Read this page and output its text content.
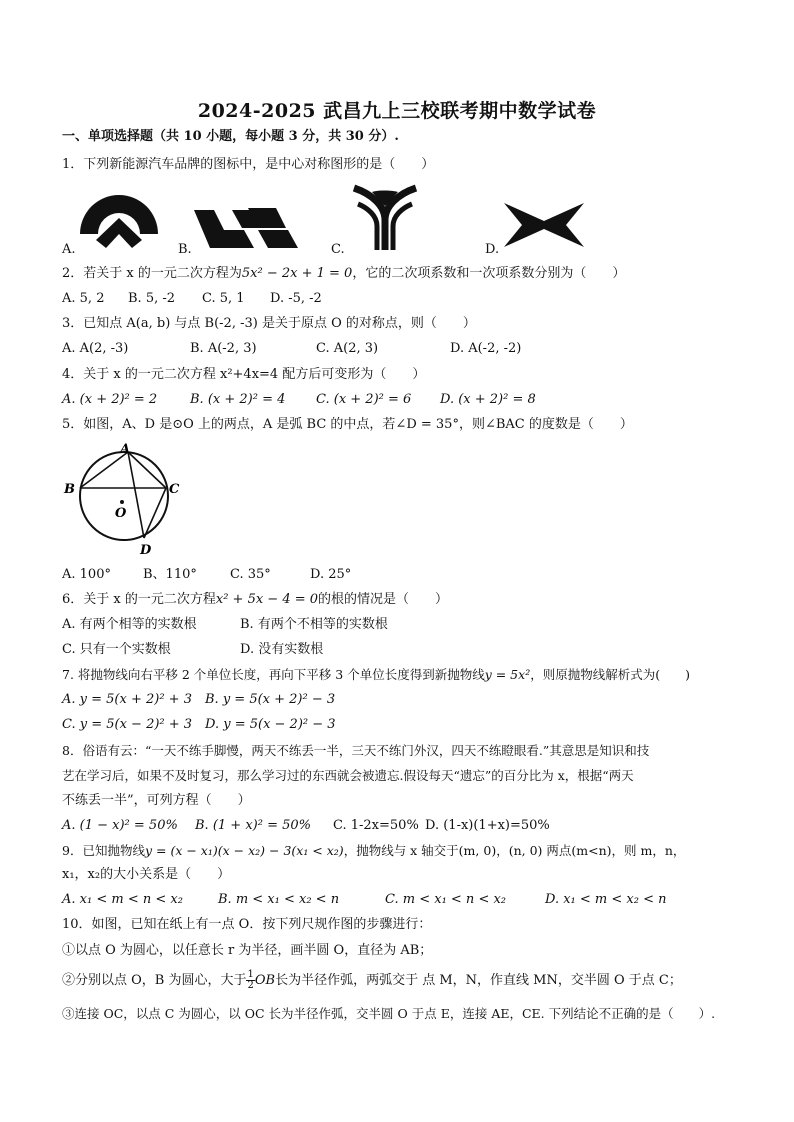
2024-2025 武昌九上三校联考期中数学试卷
一、单项选择题（共 10 小题，每小题 3 分，共 30 分）.
1．下列新能源汽车品牌的图标中，是中心对称图形的是（　　）
A.	B.	C.	D.
2．若关于 x 的一元二次方程为5x² − 2x + 1 = 0，它的二次项系数和一次项系数分别为（　　）
A. 5, 2 B. 5, -2 C. 5, 1 D. -5, -2
3．已知点 A(a, b) 与点 B(-2, -3) 是关于原点 O 的对称点，则（　　）
A. A(2, -3)	B. A(-2, 3)	C. A(2, 3)	D. A(-2, -2)
4．关于 x 的一元二次方程 x²+4x=4 配方后可变形为（　　）
A. (x + 2)² = 2	B. (x + 2)² = 4 C. (x + 2)² = 6 D. (x + 2)² = 8
5．如图，A、D 是⊙O 上的两点，A 是弧 BC 的中点，若∠D = 35°，则∠BAC 的度数是（　　）
A
B	C
O
D
A. 100° B、110°	C. 35°	D. 25°
6．关于 x 的一元二次方程x² + 5x − 4 = 0的根的情况是（　　）
A. 有两个相等的实数根	B. 有两个不相等的实数根
C. 只有一个实数根	D. 没有实数根
7. 将抛物线向右平移 2 个单位长度，再向下平移 3 个单位长度得到新抛物线y = 5x²，则原抛物线解析式为(　　)
A. y = 5(x + 2)² + 3 B. y = 5(x + 2)² − 3
C. y = 5(x − 2)² + 3 D. y = 5(x − 2)² − 3
8．俗语有云：“一天不练手脚慢，两天不练丢一半，三天不练门外汉，四天不练瞪眼看.”其意思是知识和技
艺在学习后，如果不及时复习，那么学习过的东西就会被遗忘.假设每天“遗忘”的百分比为 x，根据“两天
不练丢一半”，可列方程（　　）
A. (1 − x)² = 50% B. (1 + x)² = 50% C. 1-2x=50% D. (1-x)(1+x)=50%
9．已知抛物线y = (x − x₁)(x − x₂) − 3(x₁ < x₂)，抛物线与 x 轴交于(m, 0)，(n, 0) 两点(m<n)，则 m，n，
x₁，x₂的大小关系是（　　）
A. x₁ < m < n < x₂	B. m < x₁ < x₂ < n	C. m < x₁ < n < x₂	D. x₁ < m < x₂ < n
10．如图，已知在纸上有一点 O．按下列尺规作图的步骤进行：
①以点 O 为圆心，以任意长 r 为半径，画半圆 O，直径为 AB；
②分别以点 O，B 为圆心，大于 $\frac{1}{2}$ OB长为半径作弧，两弧交于 点 M，N，作直线 MN，交半圆 O 于点 C；
③连接 OC，以点 C 为圆心，以 OC 长为半径作弧，交半圆 O 于点 E，连接 AE，CE. 下列结论不正确的是（　　）.
